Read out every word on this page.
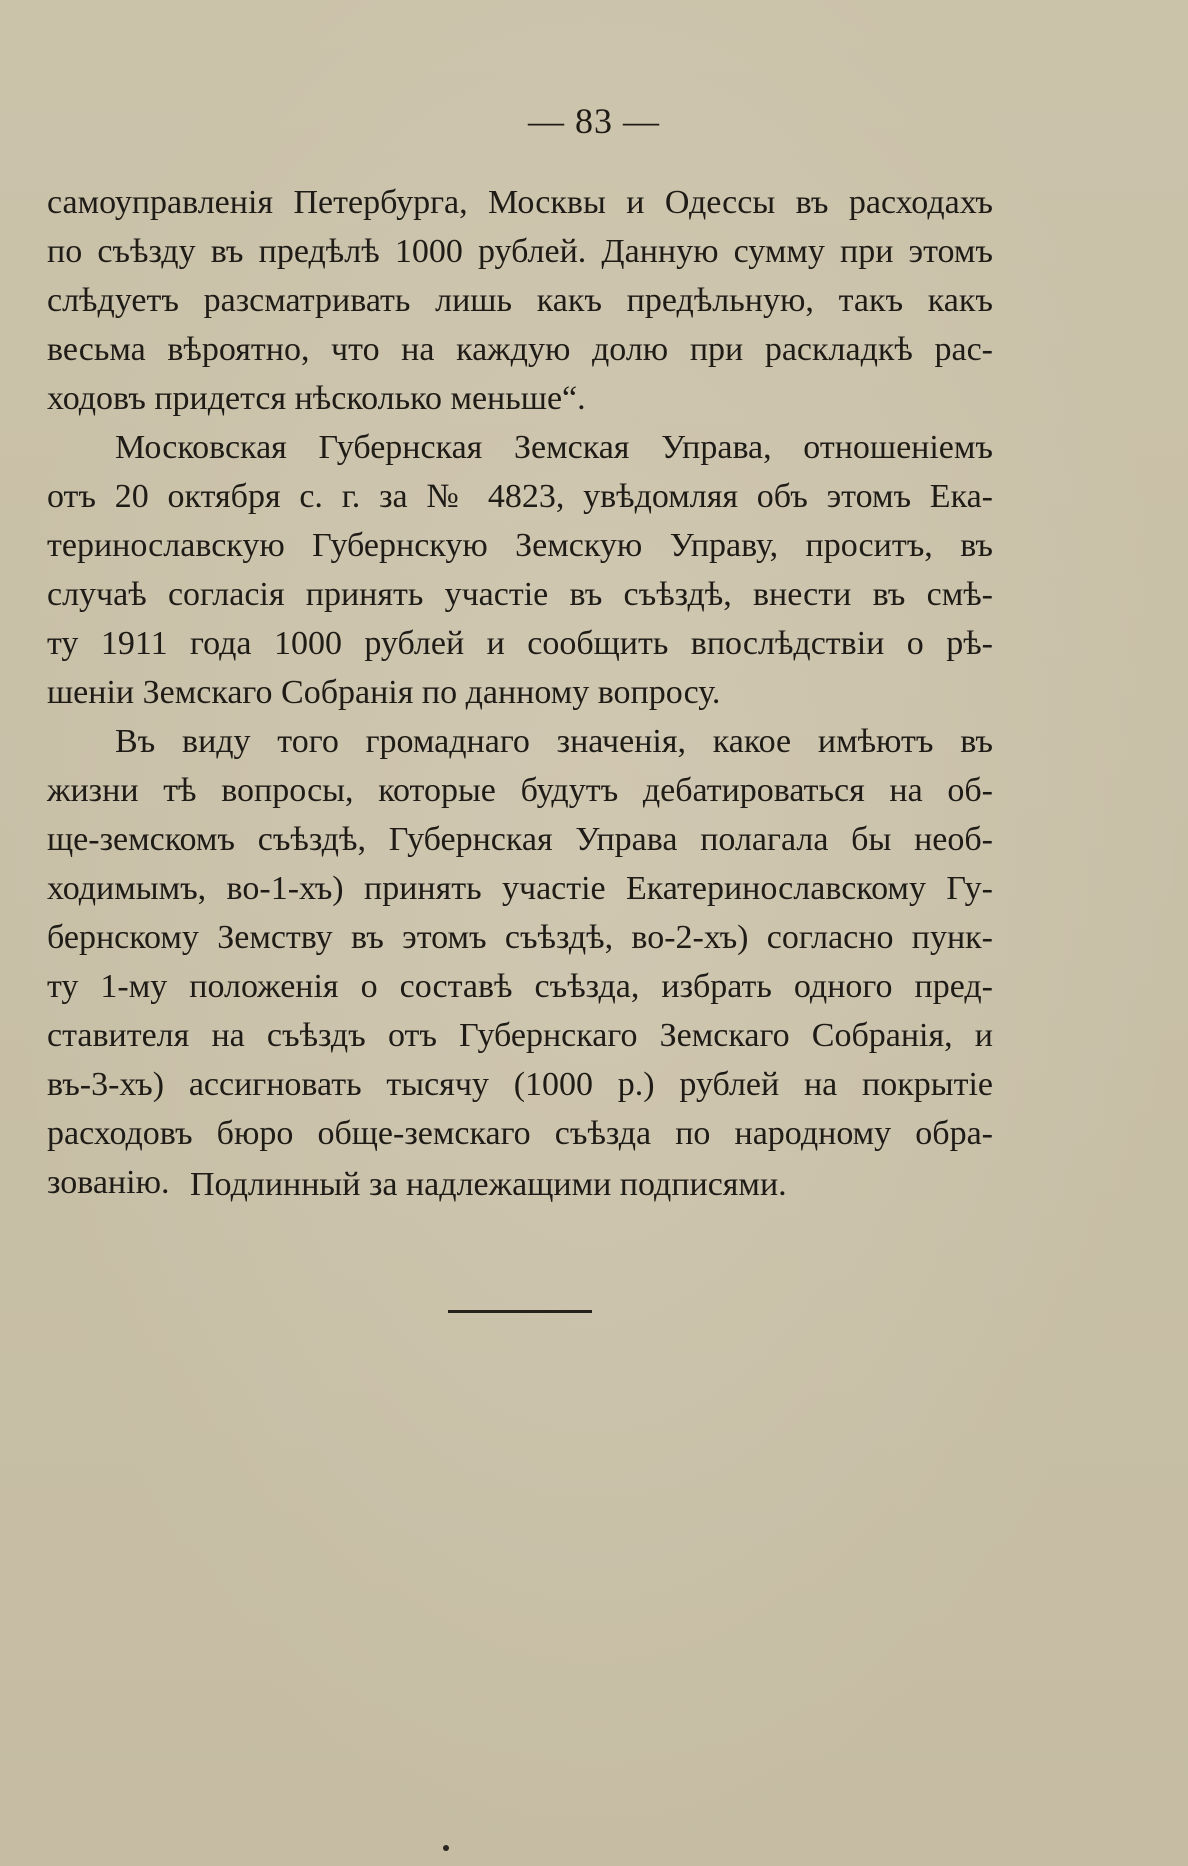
— 83 —
самоуправленія Петербурга, Москвы и Одессы въ расходахъ
по съѣзду въ предѣлѣ 1000 рублей. Данную сумму при этомъ
слѣдуетъ разсматривать лишь какъ предѣльную, такъ какъ
весьма вѣроятно, что на каждую долю при раскладкѣ рас-
ходовъ придется нѣсколько меньше“.
Московская Губернская Земская Управа, отношеніемъ
отъ 20 октября с. г. за № 4823, увѣдомляя объ этомъ Ека-
теринославскую Губернскую Земскую Управу, проситъ, въ
случаѣ согласія принять участіе въ съѣздѣ, внести въ смѣ-
ту 1911 года 1000 рублей и сообщить впослѣдствіи о рѣ-
шеніи Земскаго Собранія по данному вопросу.
Въ виду того громаднаго значенія, какое имѣютъ въ
жизни тѣ вопросы, которые будутъ дебатироваться на об-
ще-земскомъ съѣздѣ, Губернская Управа полагала бы необ-
ходимымъ, во-1-хъ) принять участіе Екатеринославскому Гу-
бернскому Земству въ этомъ съѣздѣ, во-2-хъ) согласно пунк-
ту 1-му положенія о составѣ съѣзда, избрать одного пред-
ставителя на съѣздъ отъ Губернскаго Земскаго Собранія, и
въ-3-хъ) ассигновать тысячу (1000 р.) рублей на покрытіе
расходовъ бюро обще-земскаго съѣзда по народному обра-
зованію. Подлинный за надлежащими подписями.
